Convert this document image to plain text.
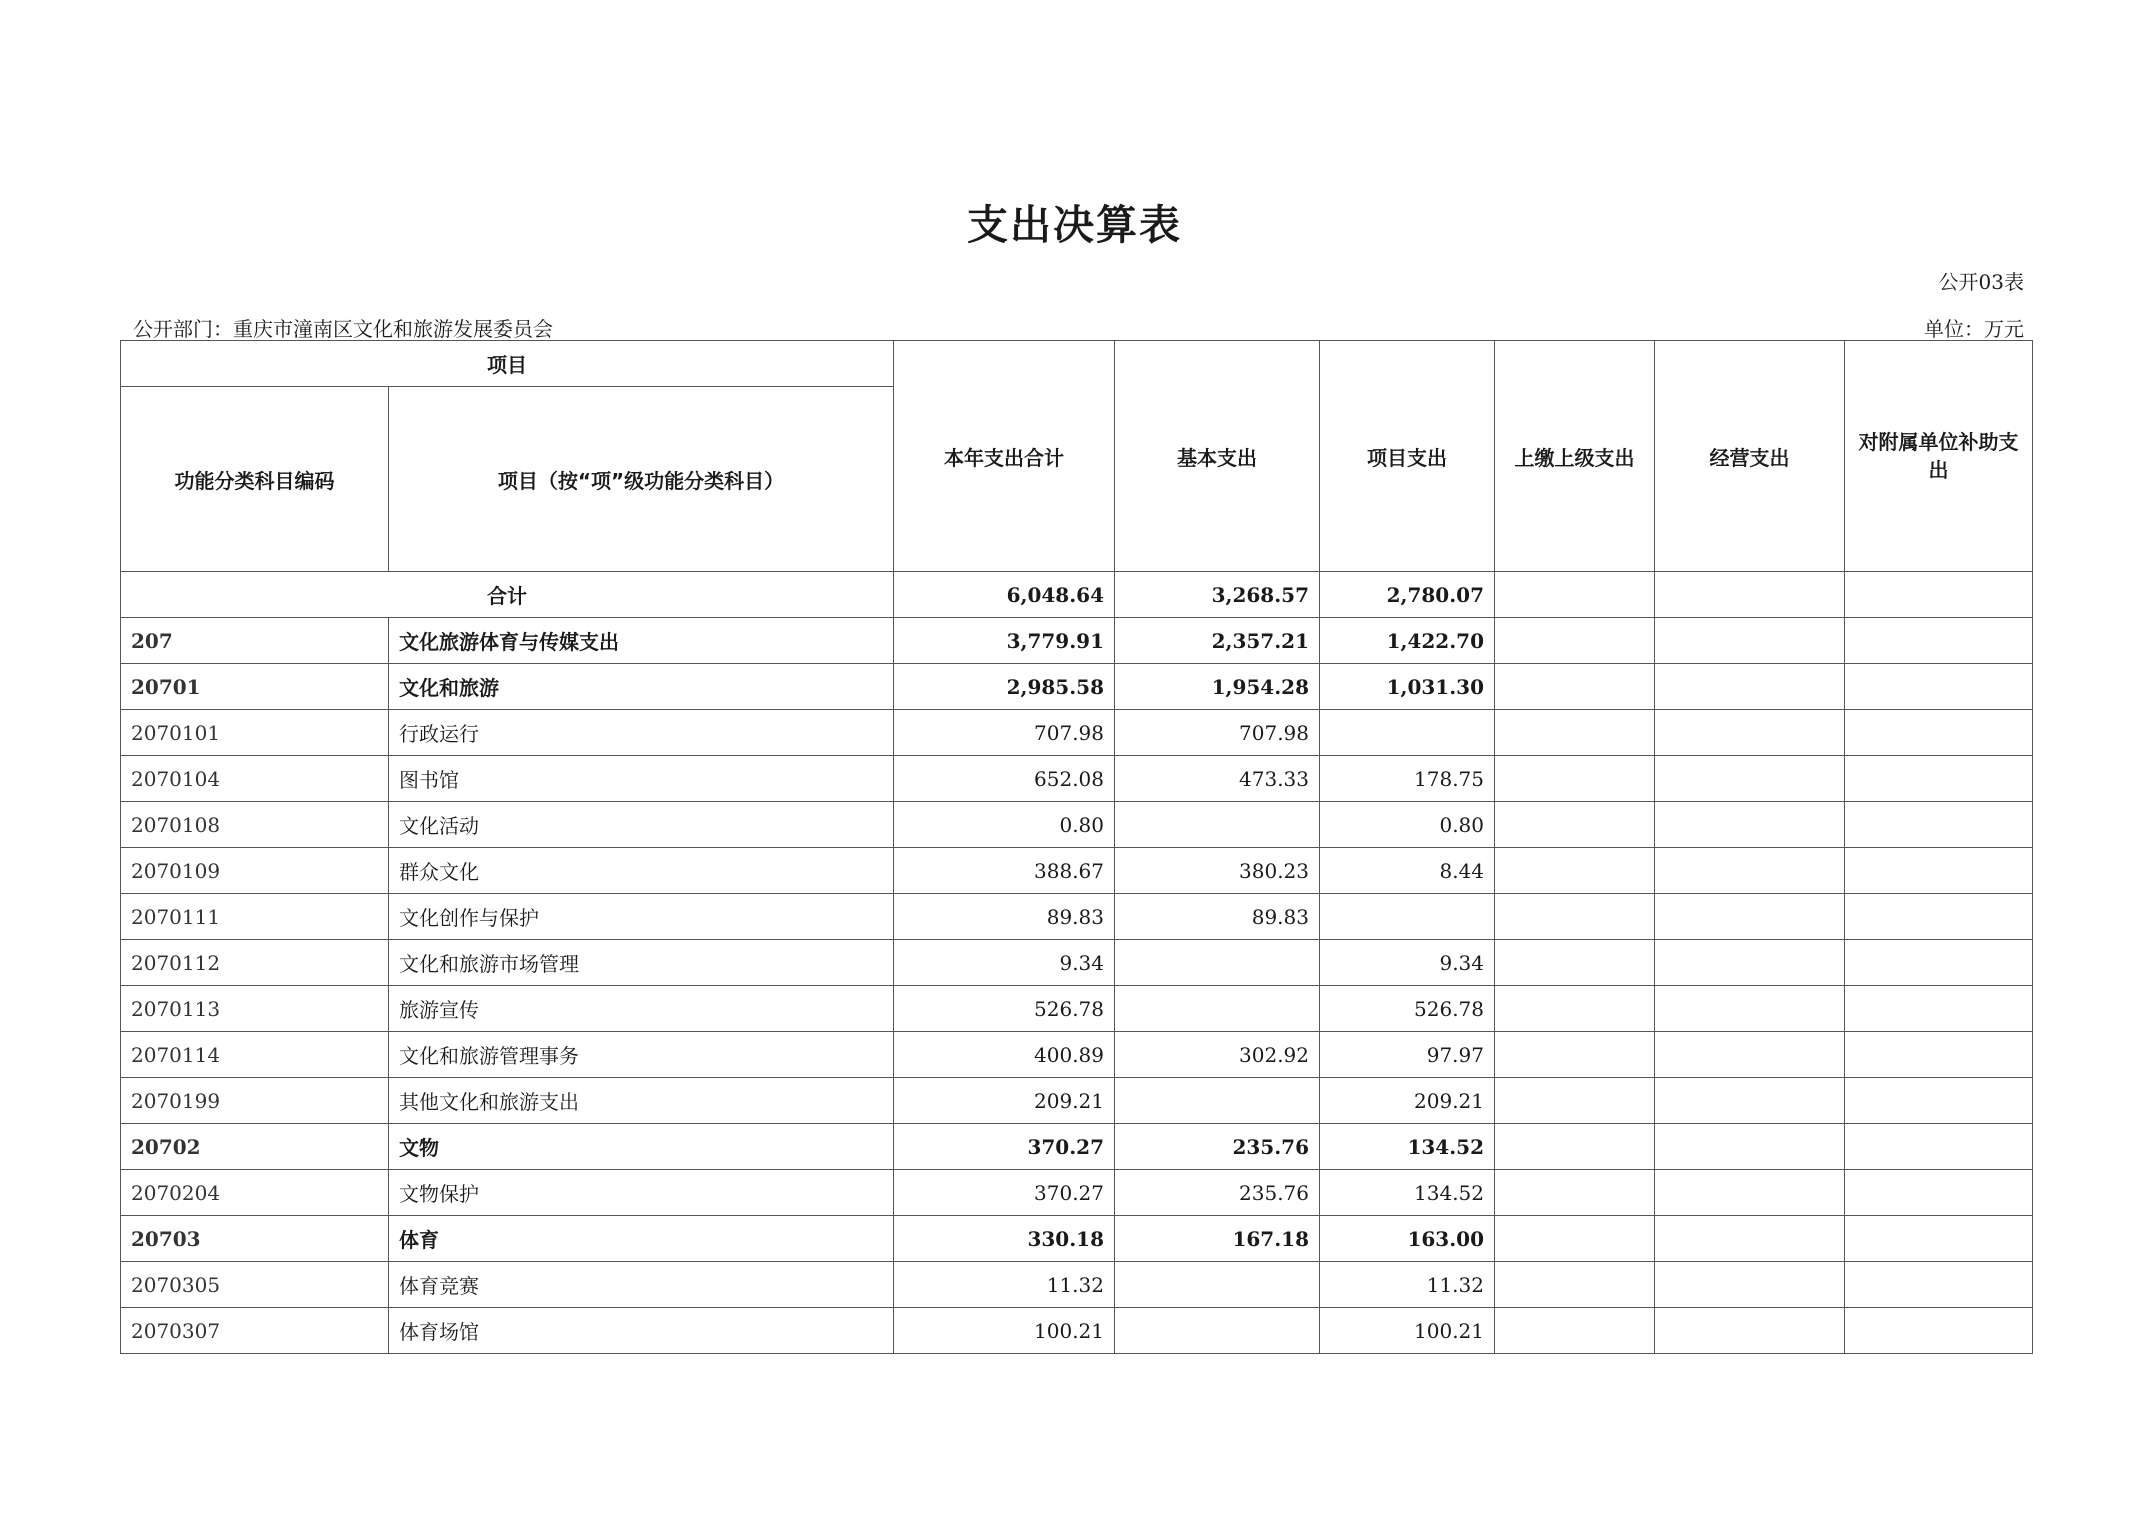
支出决算表
公开03表
公开部门：重庆市潼南区文化和旅游发展委员会	单位：万元
项目		本年支出合计	基本支出	项目支出	上缴上级支出	经营支出	对附属单位补助支出
功能分类科目编码	项目（按“项”级功能分类科目）						
合计		6,048.64	3,268.57	2,780.07			
207	文化旅游体育与传媒支出	3,779.91	2,357.21	1,422.70			
20701	文化和旅游	2,985.58	1,954.28	1,031.30			
2070101	行政运行	707.98	707.98				
2070104	图书馆	652.08	473.33	178.75			
2070108	文化活动	0.80		0.80			
2070109	群众文化	388.67	380.23	8.44			
2070111	文化创作与保护	89.83	89.83				
2070112	文化和旅游市场管理	9.34		9.34			
2070113	旅游宣传	526.78		526.78			
2070114	文化和旅游管理事务	400.89	302.92	97.97			
2070199	其他文化和旅游支出	209.21		209.21			
20702	文物	370.27	235.76	134.52			
2070204	文物保护	370.27	235.76	134.52			
20703	体育	330.18	167.18	163.00			
2070305	体育竞赛	11.32		11.32			
2070307	体育场馆	100.21		100.21			
